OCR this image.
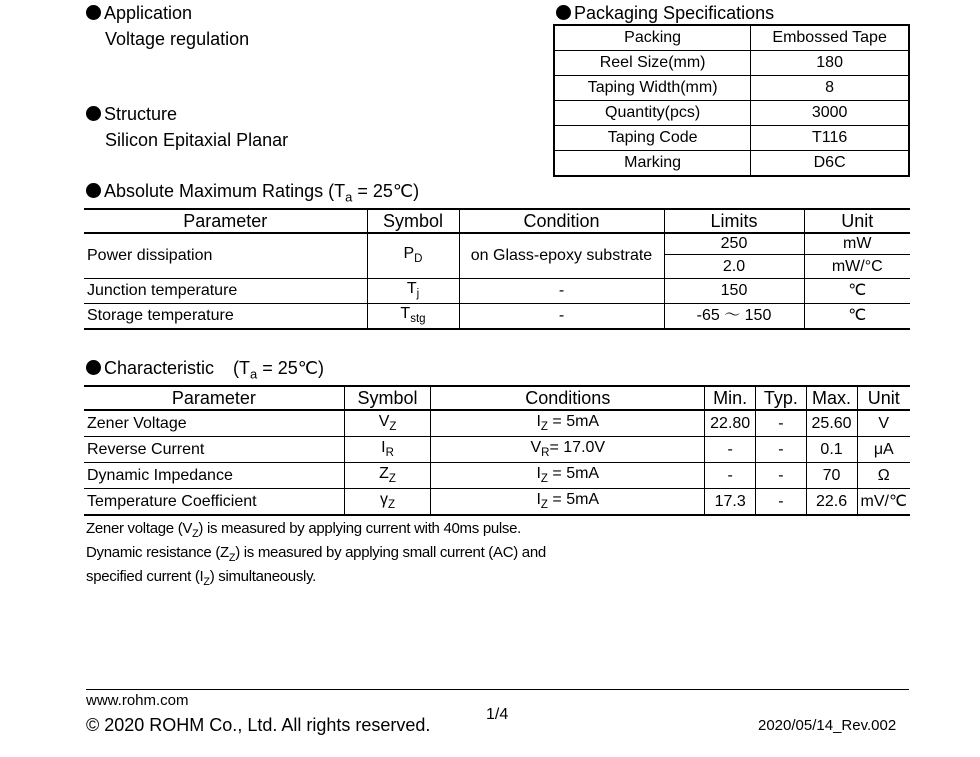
Application
Voltage regulation
Structure
Silicon Epitaxial Planar
Packaging Specifications
Packing	Embossed Tape
Reel Size(mm)	180
Taping Width(mm)	8
Quantity(pcs)	3000
Taping Code	T116
Marking	D6C
Absolute Maximum Ratings ($T_a$ = 25℃)
Parameter	Symbol	Condition	Limits	Unit
Power dissipation	$P_D$	on Glass-epoxy substrate	250	mW
			2.0	mW/°C
Junction temperature	$T_j$	-	150	℃
Storage temperature	$T_{stg}$	-	-65 ～ 150	℃
Characteristic ($T_a$ = 25℃)
Parameter	Symbol	Conditions	Min.	Typ.	Max.	Unit
Zener Voltage	$V_Z$	$I_Z = 5mA$	22.80	-	25.60	V
Reverse Current	$I_R$	$V_R= 17.0V$	-	-	0.1	μA
Dynamic Impedance	$Z_Z$	$I_Z = 5mA$	-	-	70	Ω
Temperature Coefficient	$\gamma_Z$	$I_Z = 5mA$	17.3	-	22.6	mV/℃
Zener voltage $(V_Z)$ is measured by applying current with 40ms pulse.
Dynamic resistance $(Z_Z)$ is measured by applying small current (AC) and
specified current $(I_Z)$ simultaneously.
www.rohm.com
© 2020 ROHM Co., Ltd. All rights reserved.
1/4
2020/05/14_Rev.002
